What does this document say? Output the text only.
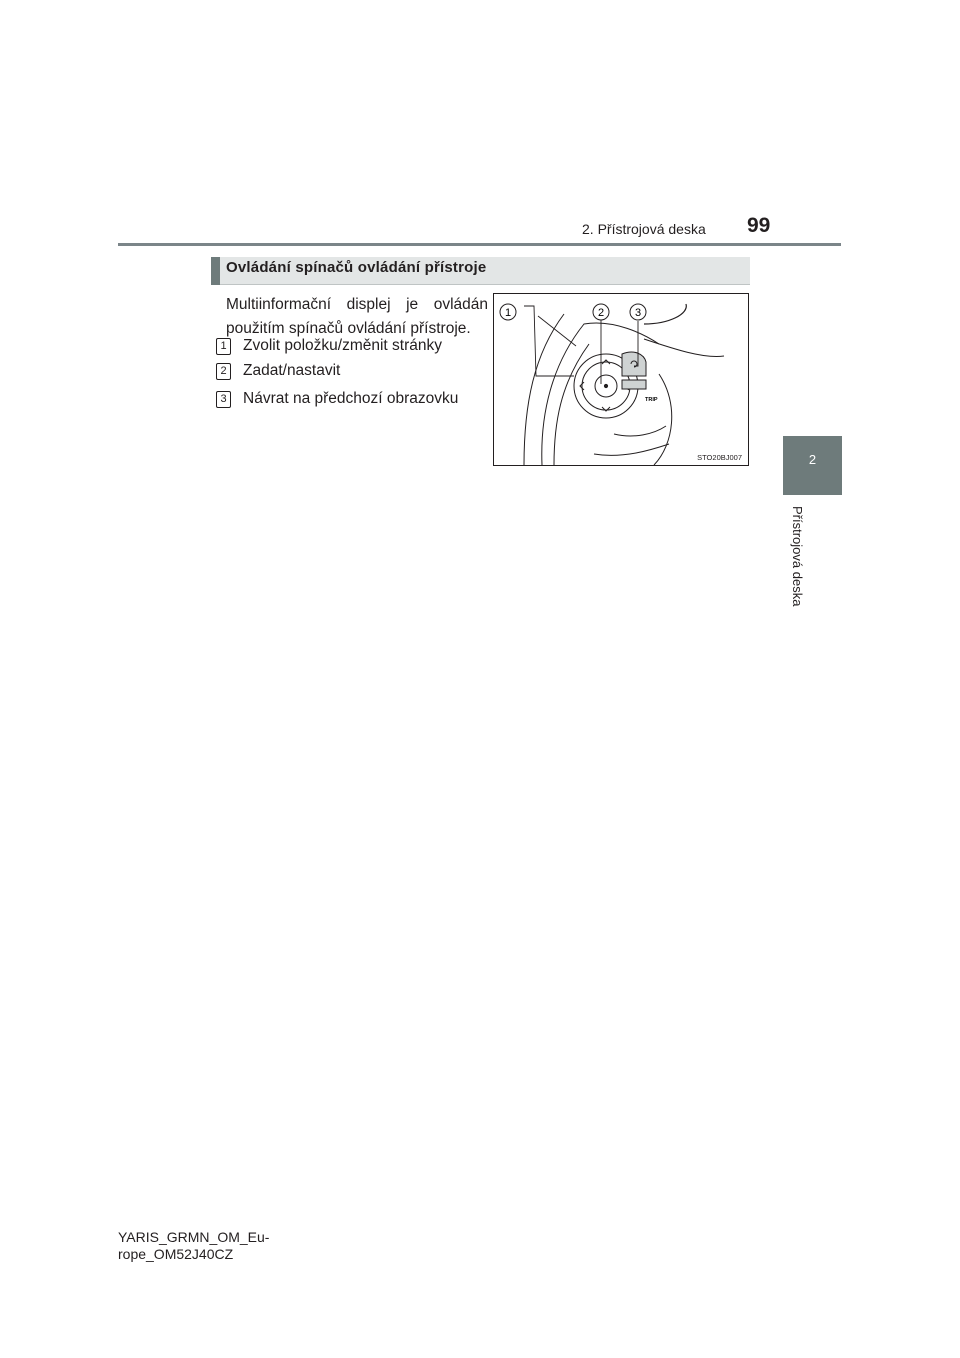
2. Přístrojová deska 99
2
Přístrojová deska
Ovládání spínačů ovládání přístroje
Multiinformační displej je ovládán použitím spínačů ovládání přístroje.
1 Zvolit položku/změnit stránky
2 Zadat/nastavit
3 Návrat na předchozí obrazovku
1	2	3
TRIP
STO20BJ007
YARIS_GRMN_OM_Eu-
rope_OM52J40CZ
